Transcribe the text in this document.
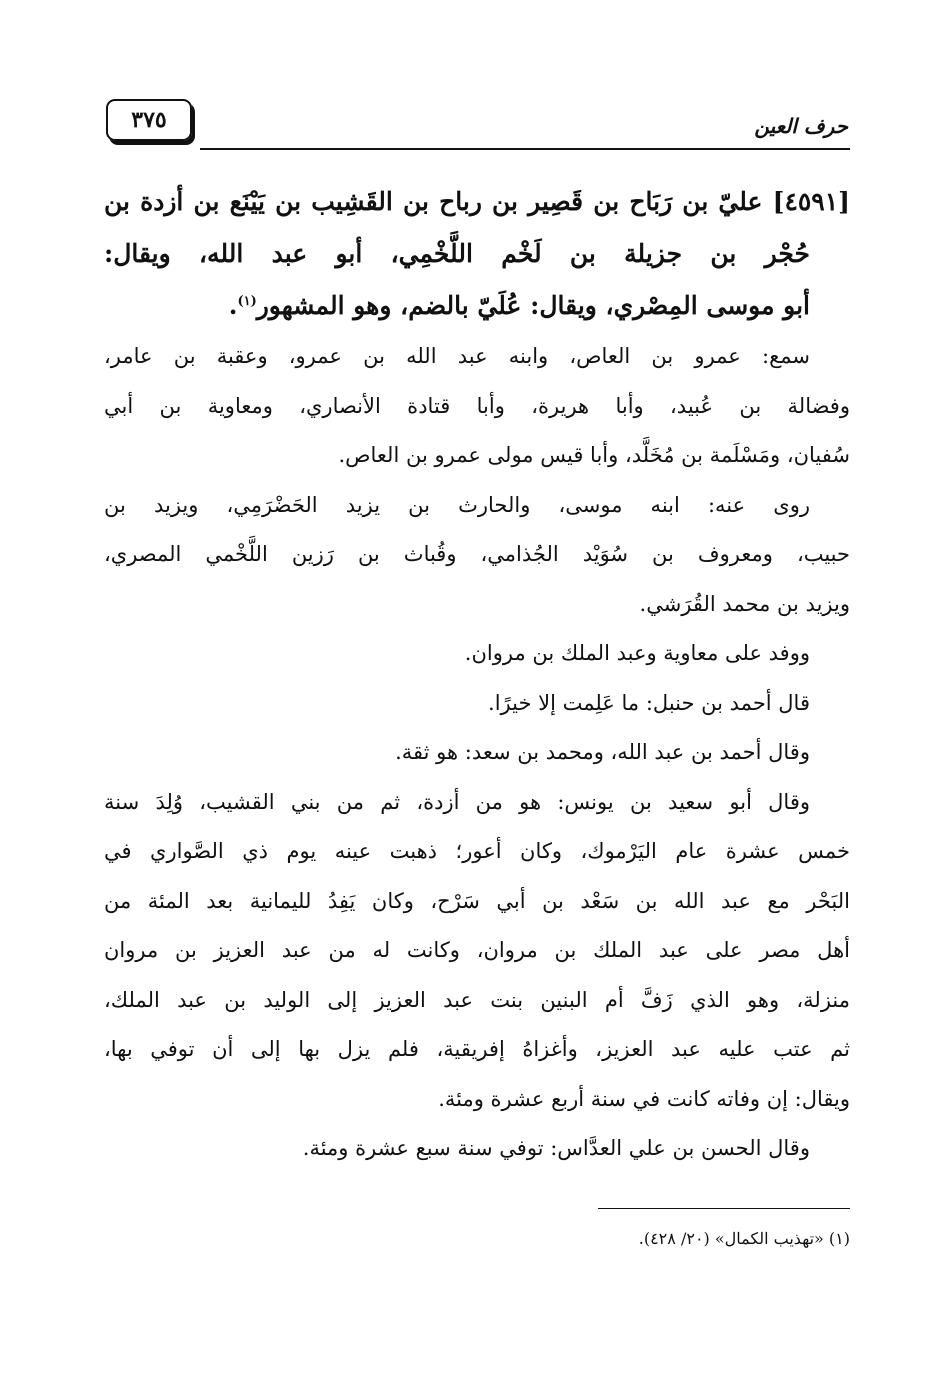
٣٧٥	حرف العين

[٤٥٩١] عليّ بن رَبَاح بن قَصِير بن رباح بن القَشِيب بن يَيْنَع بن أزدة بن
حُجْر بن جزيلة بن لَخْم اللَّخْمِي، أبو عبد الله، ويقال:
أبو موسى المِصْري، ويقال: عُلَيّ بالضم، وهو المشهور$^{(١)}$.

سمع: عمرو بن العاص، وابنه عبد الله بن عمرو، وعقبة بن عامر،
وفضالة بن عُبيد، وأبا هريرة، وأبا قتادة الأنصاري، ومعاوية بن أبي
سُفيان، ومَسْلَمة بن مُخَلَّد، وأبا قيس مولى عمرو بن العاص.

روى عنه: ابنه موسى، والحارث بن يزيد الحَضْرَمِي، ويزيد بن
حبيب، ومعروف بن سُوَيْد الجُذامي، وقُباث بن رَزين اللَّخْمي المصري،
ويزيد بن محمد القُرَشي.

ووفد على معاوية وعبد الملك بن مروان.

قال أحمد بن حنبل: ما عَلِمت إلا خيرًا.

وقال أحمد بن عبد الله، ومحمد بن سعد: هو ثقة.

وقال أبو سعيد بن يونس: هو من أزدة، ثم من بني القشيب، وُلِدَ سنة
خمس عشرة عام اليَرْموك، وكان أعور؛ ذهبت عينه يوم ذي الصَّواري في
البَحْر مع عبد الله بن سَعْد بن أبي سَرْح، وكان يَفِدُ لليمانية بعد المئة من
أهل مصر على عبد الملك بن مروان، وكانت له من عبد العزيز بن مروان
منزلة، وهو الذي زَفَّ أم البنين بنت عبد العزيز إلى الوليد بن عبد الملك،
ثم عتب عليه عبد العزيز، وأغزاهُ إفريقية، فلم يزل بها إلى أن توفي بها،
ويقال: إن وفاته كانت في سنة أربع عشرة ومئة.

وقال الحسن بن علي العدَّاس: توفي سنة سبع عشرة ومئة.

(١) «تهذيب الكمال» (٢٠/ ٤٢٨).
